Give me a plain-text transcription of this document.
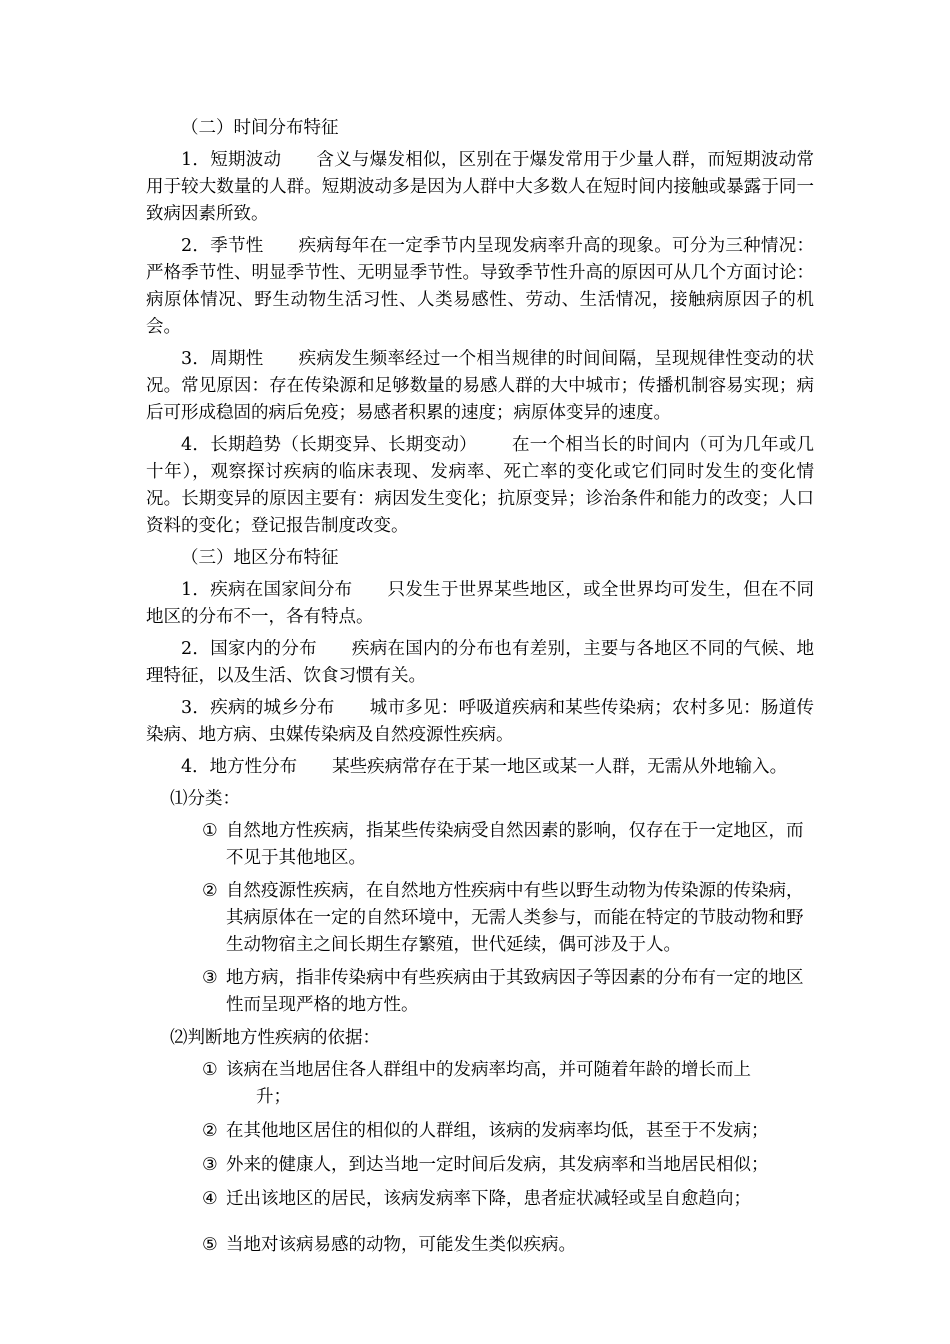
（二）时间分布特征
1．短期波动 含义与爆发相似，区别在于爆发常用于少量人群，而短期波动常用于较大数量的人群。短期波动多是因为人群中大多数人在短时间内接触或暴露于同一致病因素所致。
2．季节性 疾病每年在一定季节内呈现发病率升高的现象。可分为三种情况：严格季节性、明显季节性、无明显季节性。导致季节性升高的原因可从几个方面讨论：病原体情况、野生动物生活习性、人类易感性、劳动、生活情况，接触病原因子的机会。
3．周期性 疾病发生频率经过一个相当规律的时间间隔，呈现规律性变动的状况。常见原因：存在传染源和足够数量的易感人群的大中城市；传播机制容易实现；病后可形成稳固的病后免疫；易感者积累的速度；病原体变异的速度。
4．长期趋势（长期变异、长期变动） 在一个相当长的时间内（可为几年或几十年），观察探讨疾病的临床表现、发病率、死亡率的变化或它们同时发生的变化情况。长期变异的原因主要有：病因发生变化；抗原变异；诊治条件和能力的改变；人口资料的变化；登记报告制度改变。
（三）地区分布特征
1．疾病在国家间分布 只发生于世界某些地区，或全世界均可发生，但在不同地区的分布不一，各有特点。
2．国家内的分布 疾病在国内的分布也有差别，主要与各地区不同的气候、地理特征，以及生活、饮食习惯有关。
3．疾病的城乡分布 城市多见：呼吸道疾病和某些传染病；农村多见：肠道传染病、地方病、虫媒传染病及自然疫源性疾病。
4．地方性分布 某些疾病常存在于某一地区或某一人群，无需从外地输入。
⑴分类：
① 自然地方性疾病，指某些传染病受自然因素的影响，仅存在于一定地区，而不见于其他地区。
② 自然疫源性疾病，在自然地方性疾病中有些以野生动物为传染源的传染病，其病原体在一定的自然环境中，无需人类参与，而能在特定的节肢动物和野生动物宿主之间长期生存繁殖，世代延续，偶可涉及于人。
③ 地方病，指非传染病中有些疾病由于其致病因子等因素的分布有一定的地区性而呈现严格的地方性。
⑵判断地方性疾病的依据：
① 该病在当地居住各人群组中的发病率均高，并可随着年龄的增长而上
升；
② 在其他地区居住的相似的人群组，该病的发病率均低，甚至于不发病；
③ 外来的健康人，到达当地一定时间后发病，其发病率和当地居民相似；
④ 迁出该地区的居民，该病发病率下降，患者症状减轻或呈自愈趋向；
⑤ 当地对该病易感的动物，可能发生类似疾病。
